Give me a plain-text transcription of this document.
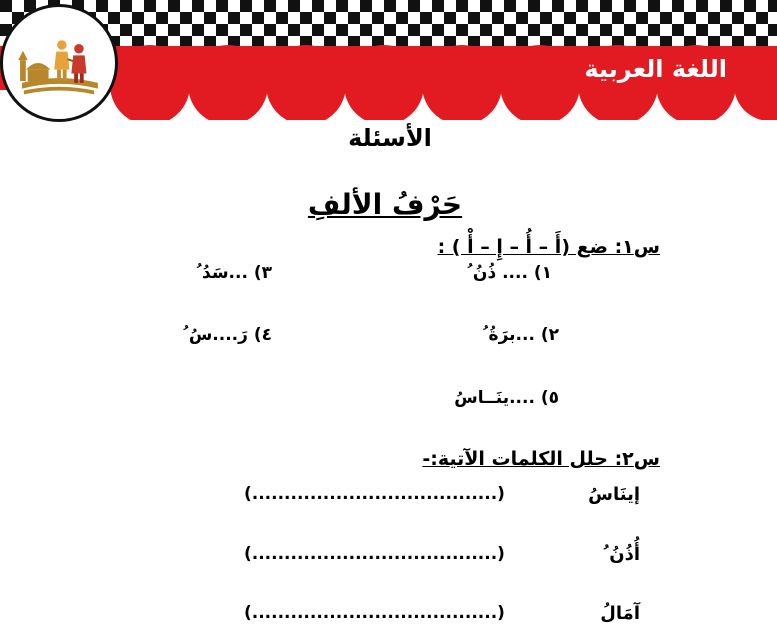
اللغة العربية
الأسئلة
حَرْفُ الألفِ
س١: ضع (أَ – أُ – إِ – أْ ) :
١) .... ذُنُ ُ
٣) ...سَدُ ُ
٢) ...برَةُ ُ
٤) رَ....سُ ُ
٥) ....ينَــاسُ
س٢: حلل الكلمات الآتية:-
إينَاسُ
(......................................)
أُذُنُ ُ
(......................................)
آمَالُ
(......................................)
